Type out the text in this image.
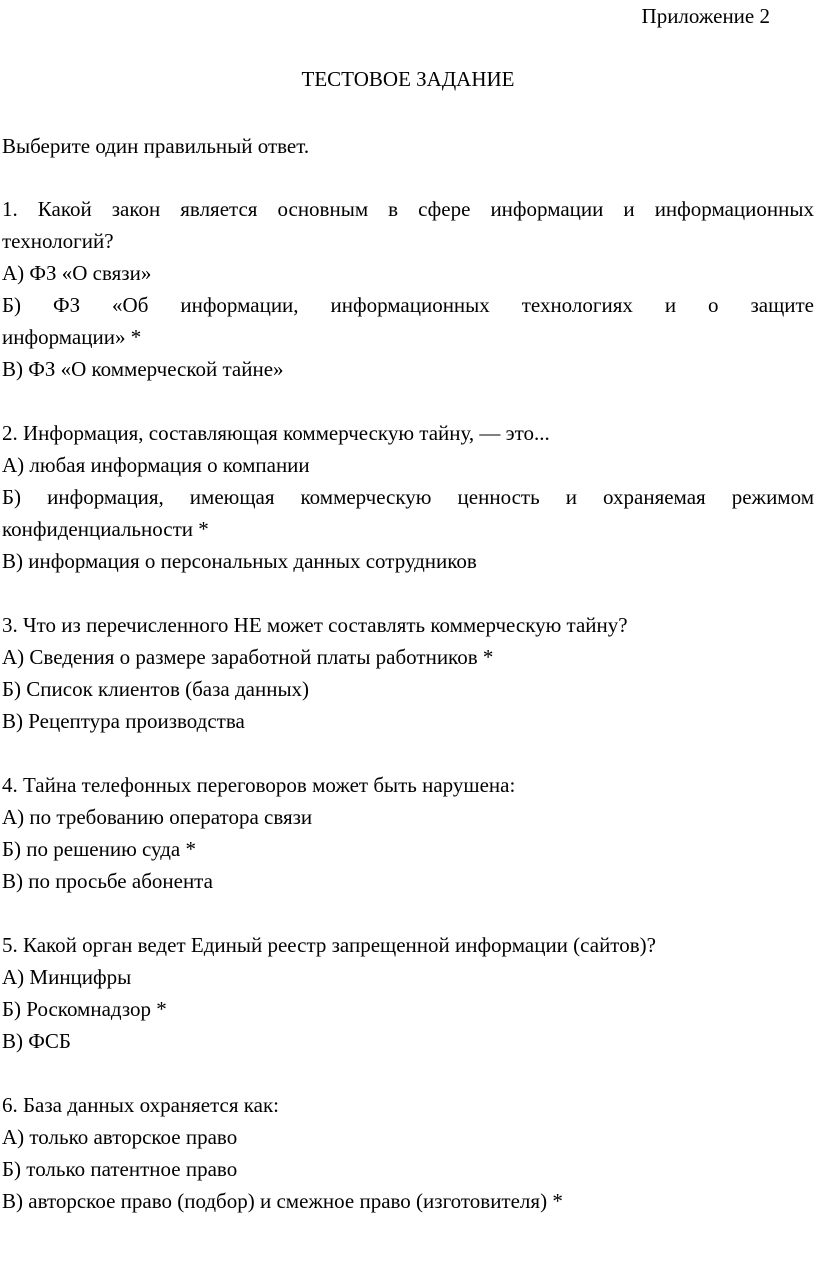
Приложение 2
ТЕСТОВОЕ ЗАДАНИЕ
Выберите один правильный ответ.
1. Какой закон является основным в сфере информации и информационных
технологий?
А) ФЗ «О связи»
Б) ФЗ «Об информации, информационных технологиях и о защите
информации» *
В) ФЗ «О коммерческой тайне»
2. Информация, составляющая коммерческую тайну, — это...
А) любая информация о компании
Б) информация, имеющая коммерческую ценность и охраняемая режимом
конфиденциальности *
В) информация о персональных данных сотрудников
3. Что из перечисленного НЕ может составлять коммерческую тайну?
А) Сведения о размере заработной платы работников *
Б) Список клиентов (база данных)
В) Рецептура производства
4. Тайна телефонных переговоров может быть нарушена:
А) по требованию оператора связи
Б) по решению суда *
В) по просьбе абонента
5. Какой орган ведет Единый реестр запрещенной информации (сайтов)?
А) Минцифры
Б) Роскомнадзор *
В) ФСБ
6. База данных охраняется как:
А) только авторское право
Б) только патентное право
В) авторское право (подбор) и смежное право (изготовителя) *
